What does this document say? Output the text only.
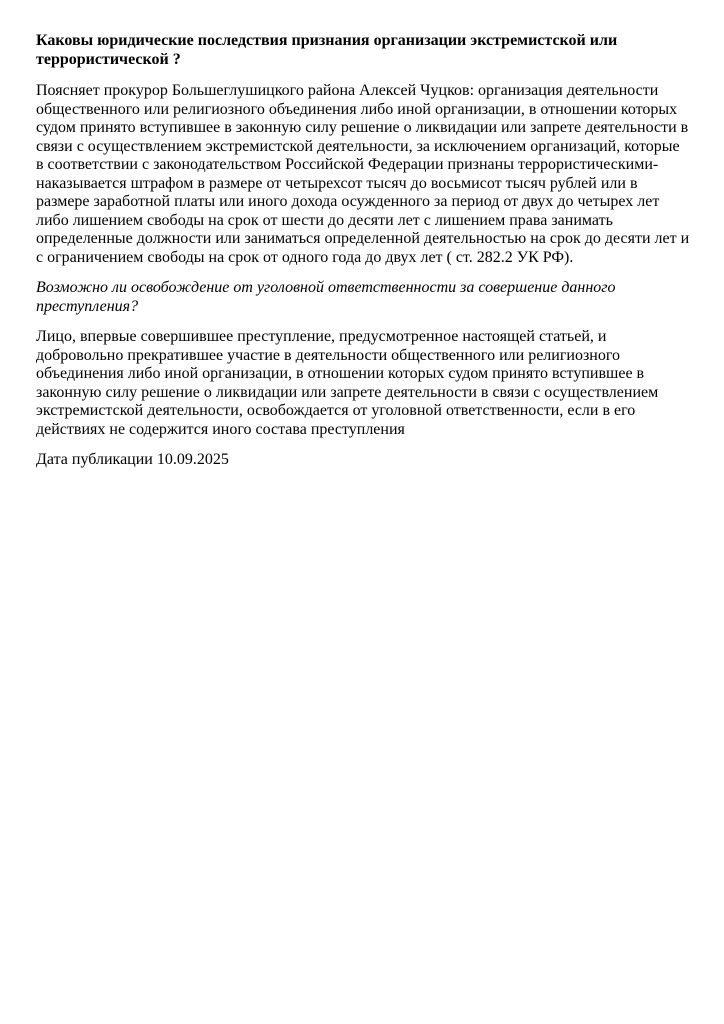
Каковы юридические последствия признания организации экстремистской или террористической ?

Поясняет прокурор Большеглушицкого района Алексей Чуцков: организация деятельности общественного или религиозного объединения либо иной организации, в отношении которых судом принято вступившее в законную силу решение о ликвидации или запрете деятельности в связи с осуществлением экстремистской деятельности, за исключением организаций, которые в соответствии с законодательством Российской Федерации признаны террористическими-наказывается штрафом в размере от четырехсот тысяч до восьмисот тысяч рублей или в размере заработной платы или иного дохода осужденного за период от двух до четырех лет либо лишением свободы на срок от шести до десяти лет с лишением права занимать определенные должности или заниматься определенной деятельностью на срок до десяти лет и с ограничением свободы на срок от одного года до двух лет ( ст. 282.2 УК РФ).

Возможно ли освобождение от уголовной ответственности за совершение данного преступления?

Лицо, впервые совершившее преступление, предусмотренное настоящей статьей, и добровольно прекратившее участие в деятельности общественного или религиозного объединения либо иной организации, в отношении которых судом принято вступившее в законную силу решение о ликвидации или запрете деятельности в связи с осуществлением экстремистской деятельности, освобождается от уголовной ответственности, если в его действиях не содержится иного состава преступления

Дата публикации 10.09.2025
